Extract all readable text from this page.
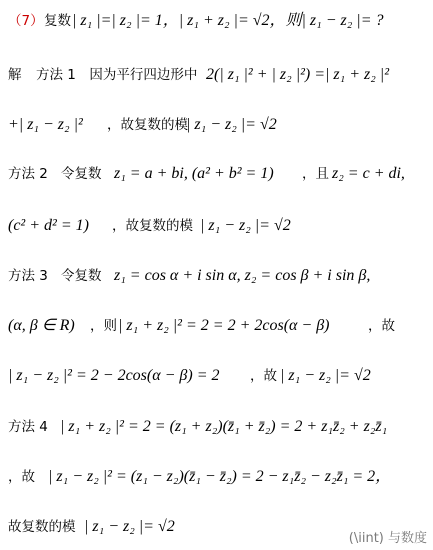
（7） 复数 | z₁ |=| z₂ |= 1，| z₁ + z₂ |= √2，则| z₁ − z₂ |= ?
解 方法 1　因为平行四边形中 2(| z₁ |² + | z₂ |²) =| z₁ + z₂ |²
+| z₁ − z₂ |² ，故复数的模
| z₁ − z₂ |= √2
方法 2 令复数 z₁ = a + bi, (a² + b² = 1) ，且 z₂ = c + di,
(c² + d² = 1) ，故复数的模 | z₁ − z₂ |= √2
方法 3 令复数 z₁ = cos α + i sin α, z₂ = cos β + i sin β,
(α, β ∈ R) ，则 | z₁ + z₂ |² = 2 = 2 + 2cos(α − β)	，故
| z₁ − z₂ |² = 2 − 2cos(α − β) = 2 ，故 | z₁ − z₂ |= √2
方法 4 | z₁ + z₂ |² = 2 = (z₁ + z₂)(z̄₁ + z̄₂) = 2 + z₁z̄₂ + z₂z̄₁
，故 | z₁ − z₂ |² = (z₁ − z₂)(z̄₁ − z̄₂) = 2 − z₁z̄₂ − z₂z̄₁ = 2，
故复数的模 | z₁ − z₂ |= √2
(\iint) 与数度
